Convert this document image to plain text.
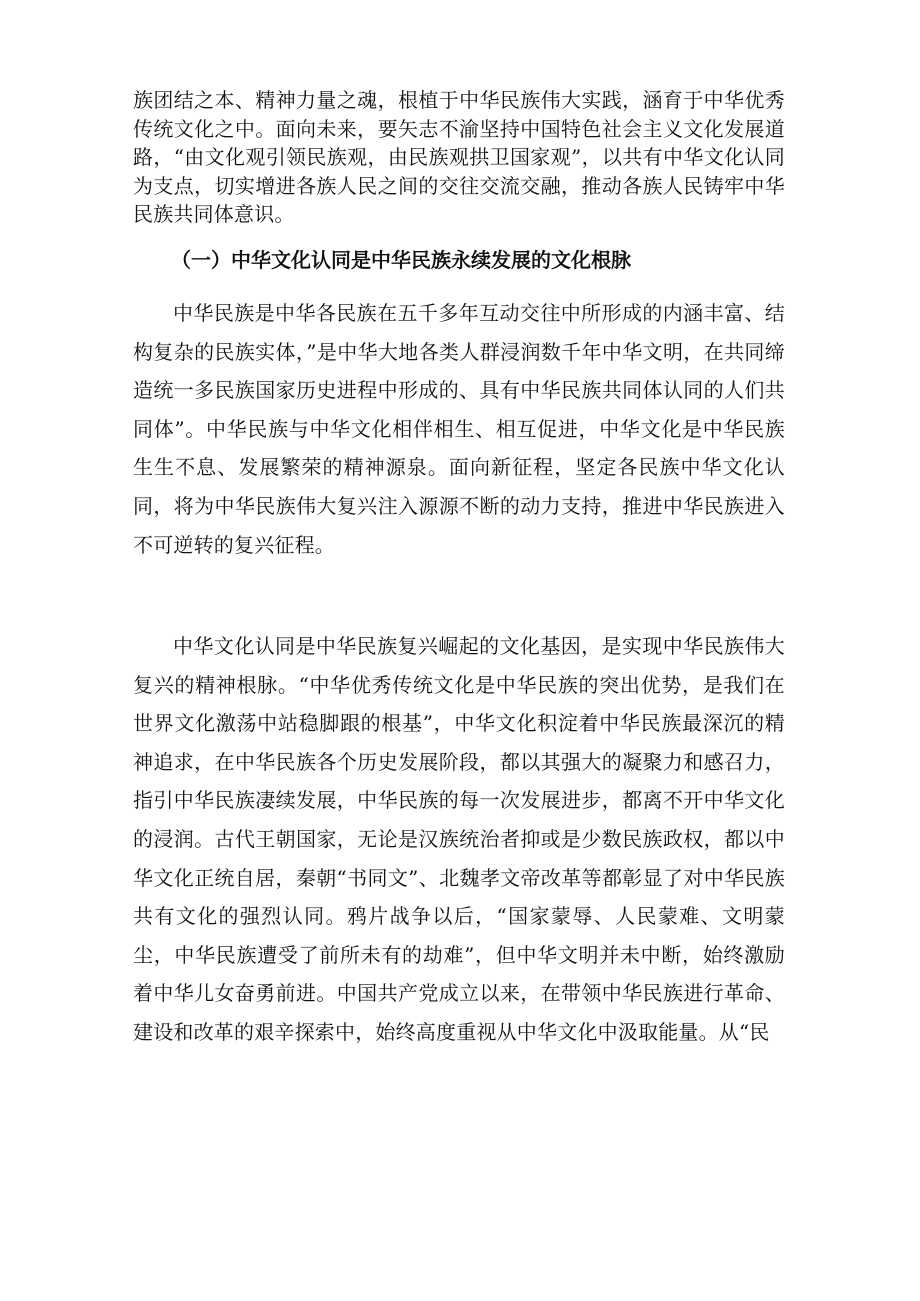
族团结之本、精神力量之魂，根植于中华民族伟大实践，涵育于中华优秀传统文化之中。面向未来，要矢志不渝坚持中国特色社会主义文化发展道路，“由文化观引领民族观，由民族观拱卫国家观”，以共有中华文化认同为支点，切实增进各族人民之间的交往交流交融，推动各族人民铸牢中华民族共同体意识。

（一）中华文化认同是中华民族永续发展的文化根脉

中华民族是中华各民族在五千多年互动交往中所形成的内涵丰富、结构复杂的民族实体，”是中华大地各类人群浸润数千年中华文明，在共同缔造统一多民族国家历史进程中形成的、具有中华民族共同体认同的人们共同体”。中华民族与中华文化相伴相生、相互促进，中华文化是中华民族生生不息、发展繁荣的精神源泉。面向新征程，坚定各民族中华文化认同，将为中华民族伟大复兴注入源源不断的动力支持，推进中华民族进入不可逆转的复兴征程。

中华文化认同是中华民族复兴崛起的文化基因，是实现中华民族伟大复兴的精神根脉。“中华优秀传统文化是中华民族的突出优势，是我们在世界文化激荡中站稳脚跟的根基”，中华文化积淀着中华民族最深沉的精神追求，在中华民族各个历史发展阶段，都以其强大的凝聚力和感召力，指引中华民族凄续发展，中华民族的每一次发展进步，都离不开中华文化的浸润。古代王朝国家，无论是汉族统治者抑或是少数民族政权，都以中华文化正统自居，秦朝“书同文”、北魏孝文帝改革等都彰显了对中华民族共有文化的强烈认同。鸦片战争以后，“国家蒙辱、人民蒙难、文明蒙尘，中华民族遭受了前所未有的劫难”，但中华文明并未中断，始终激励着中华儿女奋勇前进。中国共产党成立以来，在带领中华民族进行革命、建设和改革的艰辛探索中，始终高度重视从中华文化中汲取能量。从“民
